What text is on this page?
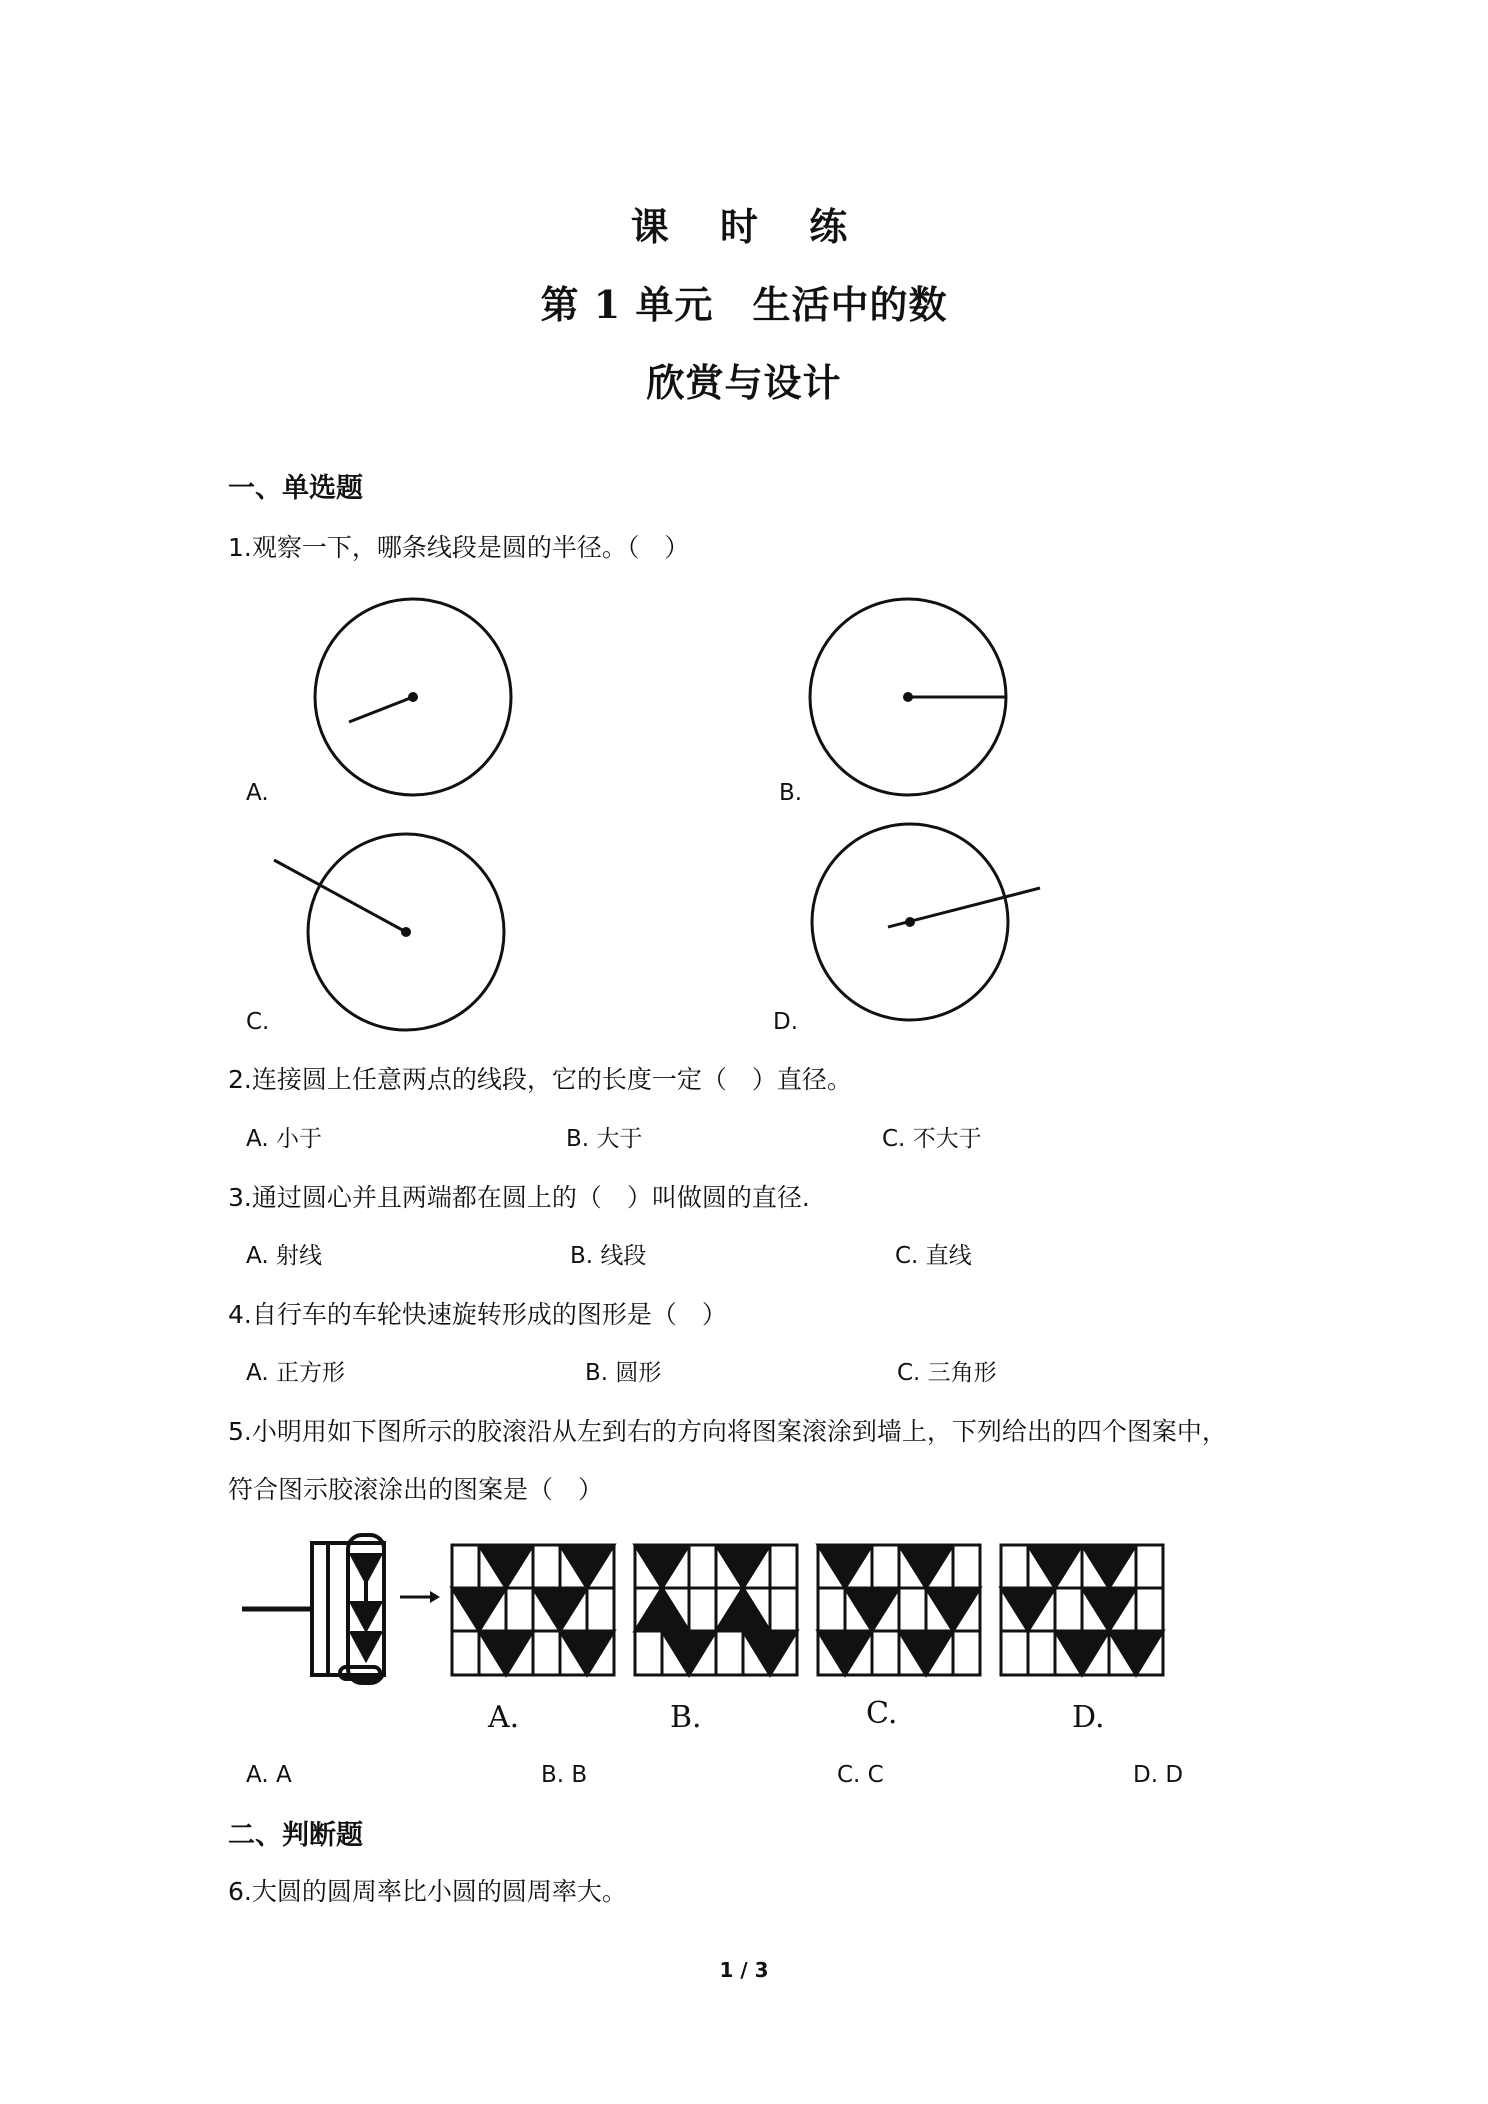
课 时 练
第 1 单元　生活中的数
欣赏与设计
一、单选题
1.观察一下，哪条线段是圆的半径。（　）
A.	B.
C.	D.
2.连接圆上任意两点的线段，它的长度一定（　）直径。
A. 小于	B. 大于	C. 不大于
3.通过圆心并且两端都在圆上的（　）叫做圆的直径.
A. 射线	B. 线段	C. 直线
4.自行车的车轮快速旋转形成的图形是（　）
A. 正方形	B. 圆形	C. 三角形
5.小明用如下图所示的胶滚沿从左到右的方向将图案滚涂到墙上，下列给出的四个图案中，
符合图示胶滚涂出的图案是（　）
A.	B.	C.	D.
A. A	B. B	C. C	D. D
二、判断题
6.大圆的圆周率比小圆的圆周率大。
1 / 3
